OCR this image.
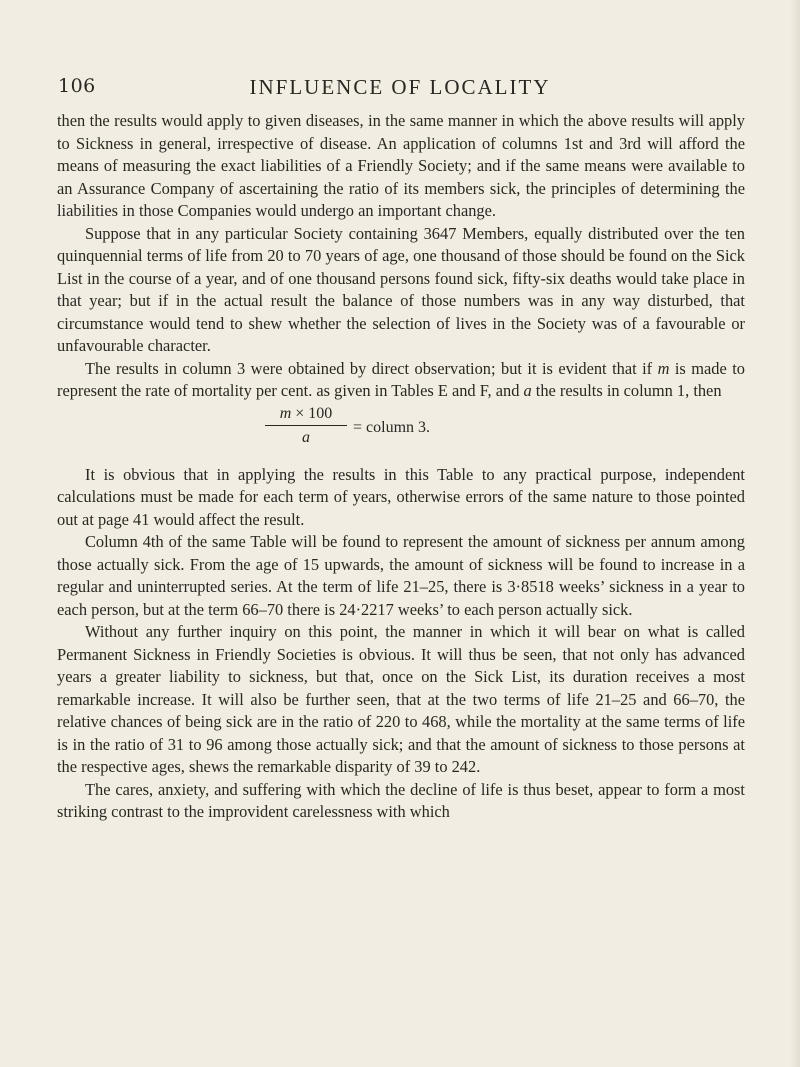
106	INFLUENCE OF LOCALITY

then the results would apply to given diseases, in the same manner in which the above results will apply to Sickness in general, irrespective of disease. An application of columns 1st and 3rd will afford the means of measuring the exact liabilities of a Friendly Society; and if the same means were available to an Assurance Company of ascertaining the ratio of its members sick, the principles of determining the liabilities in those Companies would undergo an important change.

Suppose that in any particular Society containing 3647 Members, equally distributed over the ten quinquennial terms of life from 20 to 70 years of age, one thousand of those should be found on the Sick List in the course of a year, and of one thousand persons found sick, fifty-six deaths would take place in that year; but if in the actual result the balance of those numbers was in any way disturbed, that circumstance would tend to shew whether the selection of lives in the Society was of a favourable or unfavourable character.

The results in column 3 were obtained by direct observation; but it is evident that if m is made to represent the rate of mortality per cent. as given in Tables E and F, and a the results in column 1, then

m × 100
a
= column 3.

It is obvious that in applying the results in this Table to any practical purpose, independent calculations must be made for each term of years, otherwise errors of the same nature to those pointed out at page 41 would affect the result.

Column 4th of the same Table will be found to represent the amount of sickness per annum among those actually sick. From the age of 15 upwards, the amount of sickness will be found to increase in a regular and uninterrupted series. At the term of life 21–25, there is 3·8518 weeks’ sickness in a year to each person, but at the term 66–70 there is 24·2217 weeks’ to each person actually sick.

Without any further inquiry on this point, the manner in which it will bear on what is called Permanent Sickness in Friendly Societies is obvious. It will thus be seen, that not only has advanced years a greater liability to sickness, but that, once on the Sick List, its duration receives a most remarkable increase. It will also be further seen, that at the two terms of life 21–25 and 66–70, the relative chances of being sick are in the ratio of 220 to 468, while the mortality at the same terms of life is in the ratio of 31 to 96 among those actually sick; and that the amount of sickness to those persons at the respective ages, shews the remarkable disparity of 39 to 242.

The cares, anxiety, and suffering with which the decline of life is thus beset, appear to form a most striking contrast to the improvident carelessness with which
